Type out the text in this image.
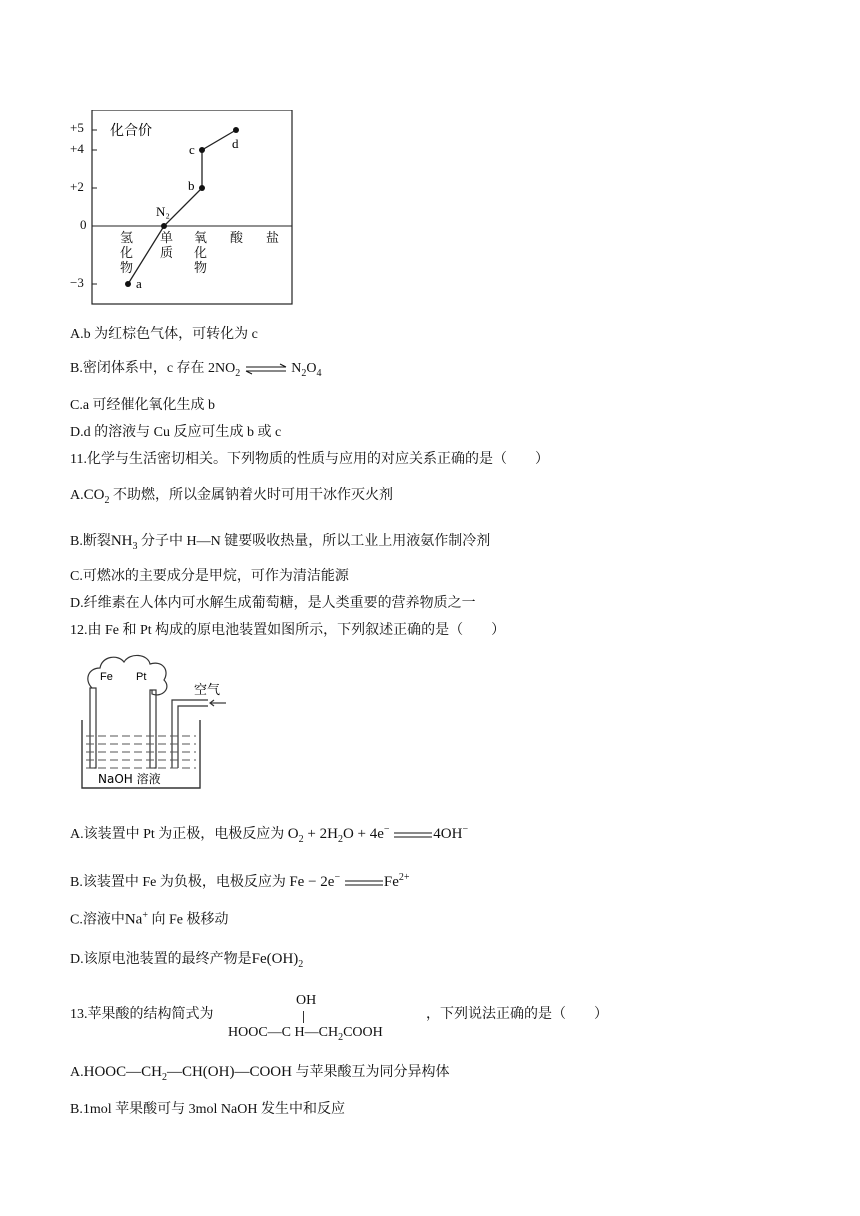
a
N₂
b
c	d
化合价
+5
+4
+2
0
−3
氢化物
单质
氧化物
酸 盐
A.b 为红棕色气体，可转化为 c
B.密闭体系中，c 存在 $2NO_2$ ⇌ $N_2O_4$
C.a 可经催化氧化生成 b
D.d 的溶液与 Cu 反应可生成 b 或 c
11.化学与生活密切相关。下列物质的性质与应用的对应关系正确的是（　　）
$A.CO_2$ 不助燃，所以金属钠着火时可用干冰作灭火剂
B.断裂$NH_3$ 分子中 H—N 键要吸收热量，所以工业上用液氨作制冷剂
C.可燃冰的主要成分是甲烷，可作为清洁能源
D.纤维素在人体内可水解生成葡萄糖，是人类重要的营养物质之一
12.由 Fe 和 Pt 构成的原电池装置如图所示，下列叙述正确的是（　　）
Fe Pt
空气
NaOH 溶液
A.该装置中 Pt 为正极，电极反应为 $O_2 + 2H_2O + 4e^-$	4OH−
B.该装置中 Fe 为负极，电极反应为 Fe − 2e−	$Fe^{2+}$
C.溶液中Na+ 向 Fe 极移动
D.该原电池装置的最终产物是$Fe(OH)_2$
13.苹果酸的结构简式为
OH
HOOC—C $H—CH_2COOH$
，下列说法正确的是（　　）
$A.HOOC—CH_2—CH(OH)—COOH$ 与苹果酸互为同分异构体
B.1mol 苹果酸可与 3mol NaOH 发生中和反应
